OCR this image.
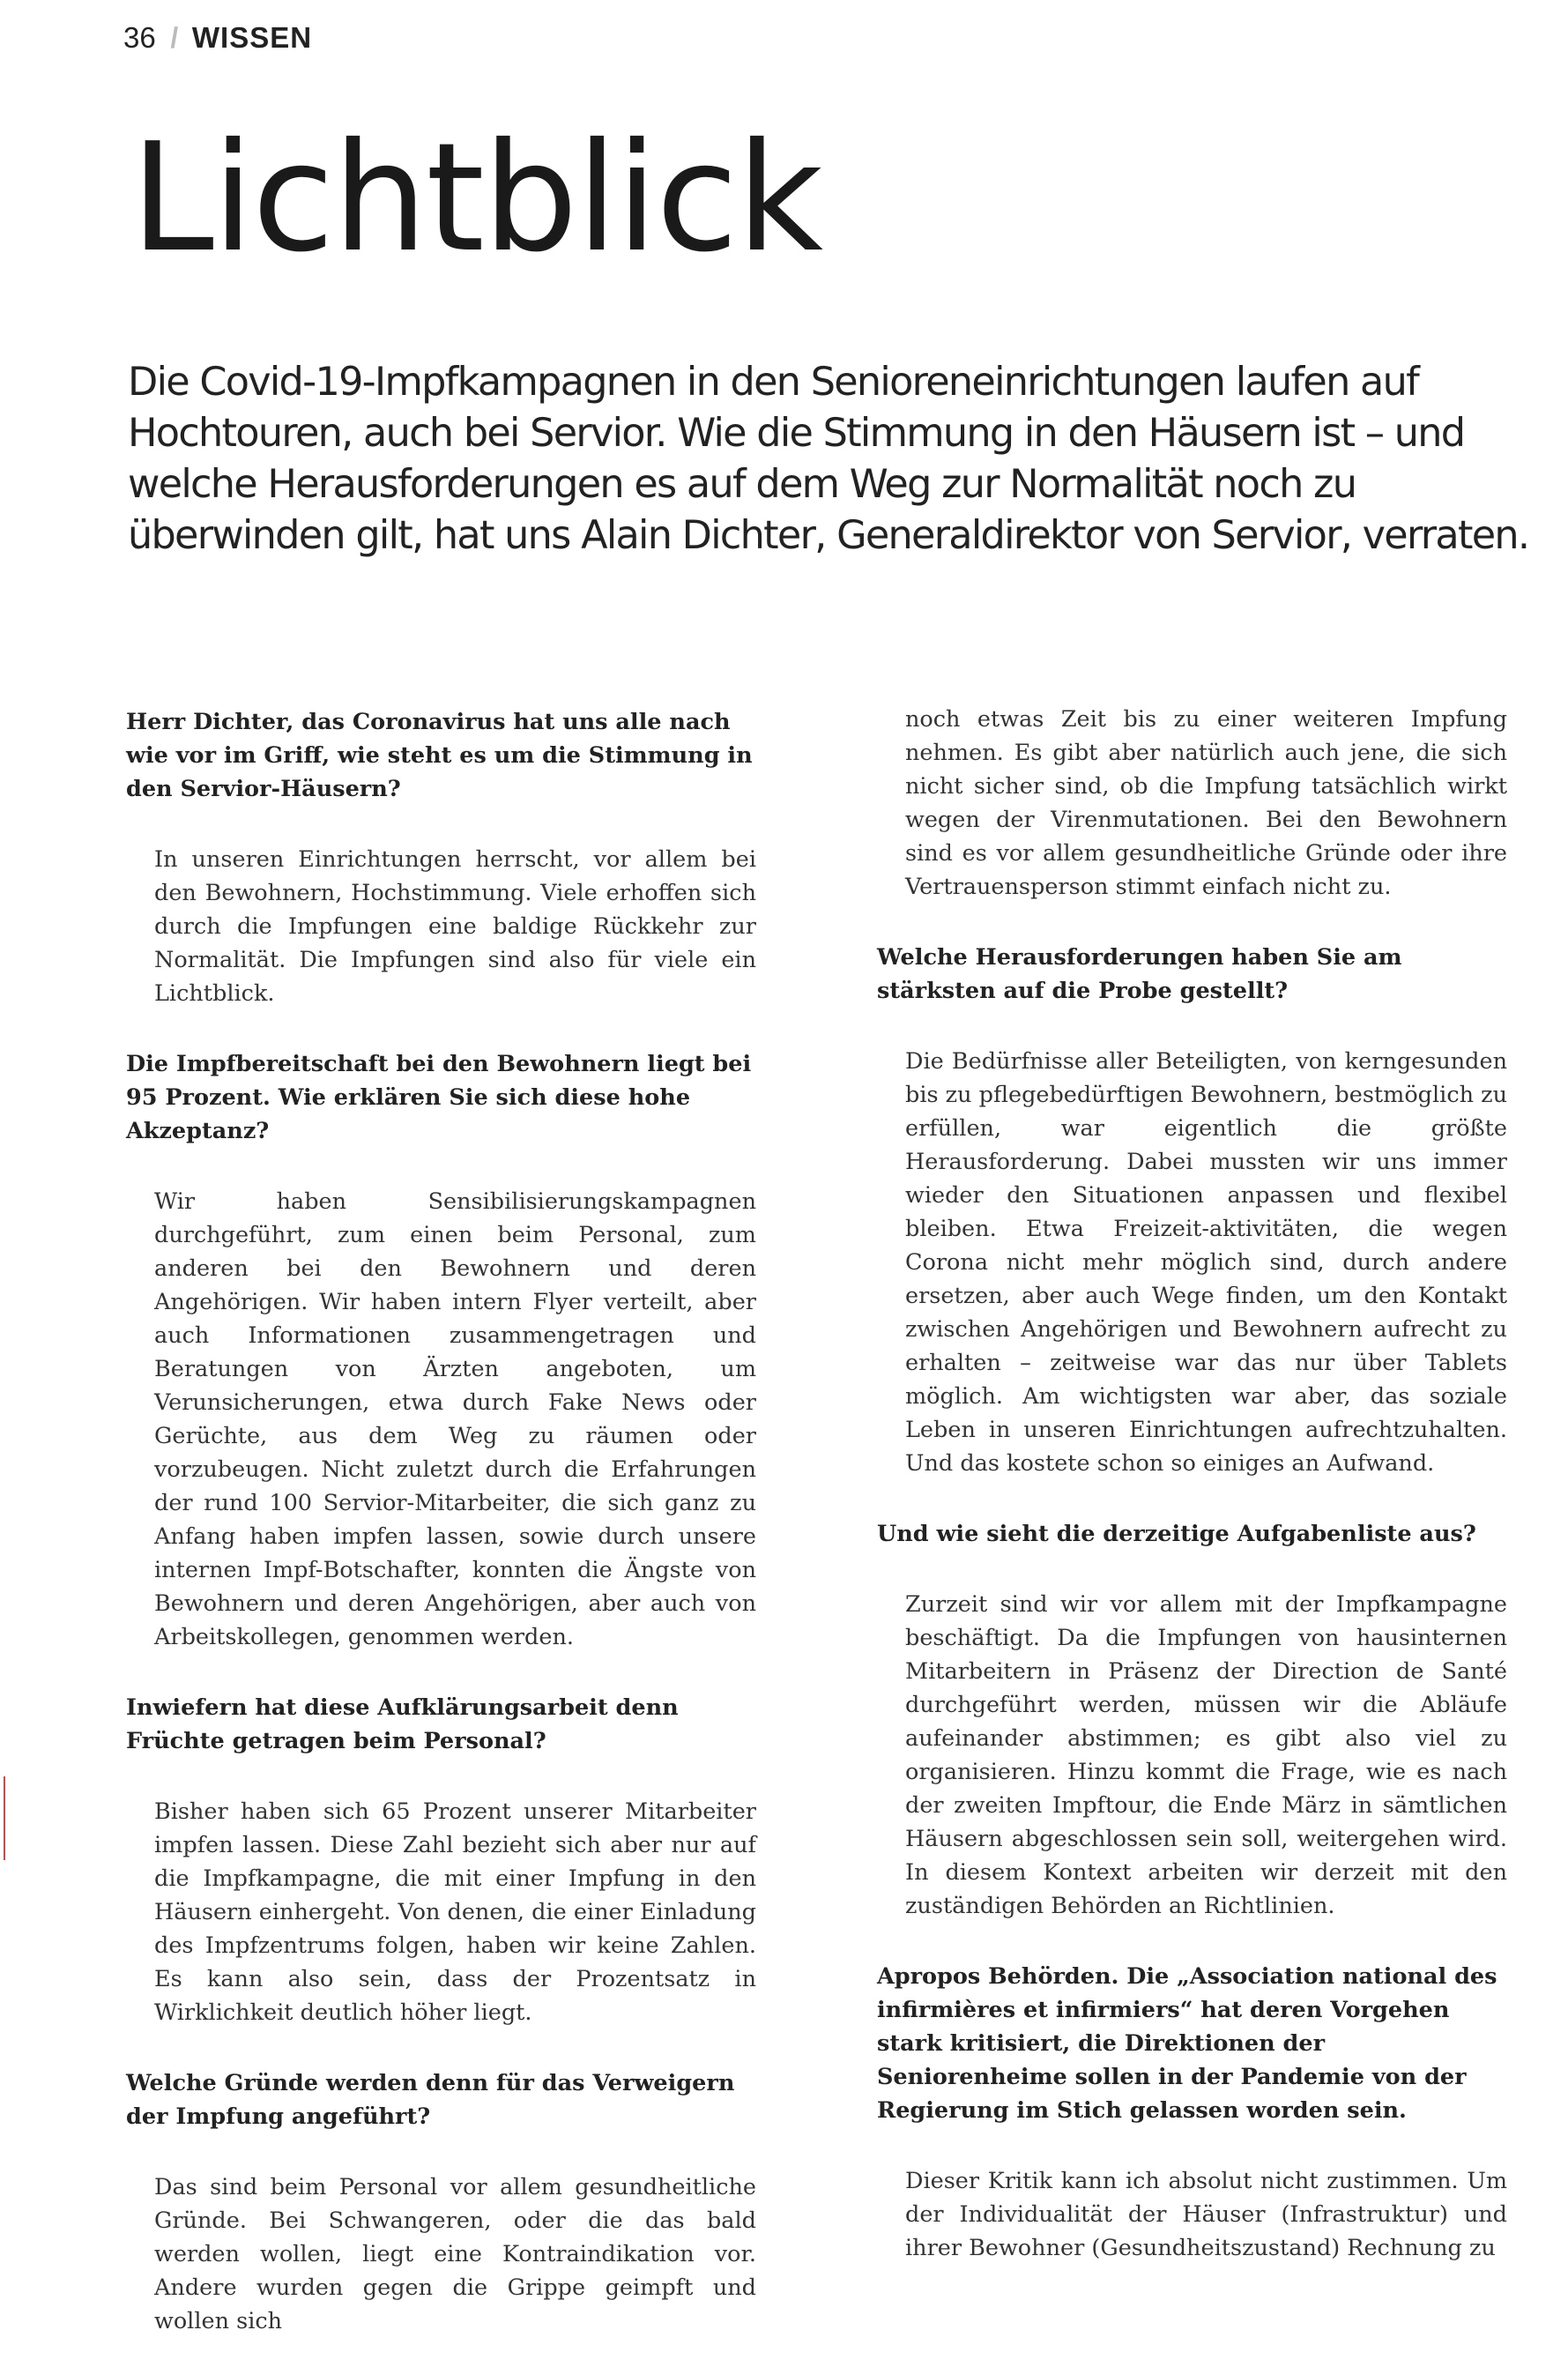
36 \ WISSEN
Lichtblick

Die Covid-19-Impfkampagnen in den Senioreneinrichtungen laufen auf Hochtouren, auch bei Servior. Wie die Stimmung in den Häusern ist – und welche Herausforderungen es auf dem Weg zur Normalität noch zu überwinden gilt, hat uns Alain Dichter, Generaldirektor von Servior, verraten.

Herr Dichter, das Coronavirus hat uns alle nach wie vor im Griff, wie steht es um die Stimmung in den Servior-Häusern?

In unseren Einrichtungen herrscht, vor allem bei den Bewohnern, Hochstimmung. Viele erhoffen sich durch die Impfungen eine baldige Rückkehr zur Normalität. Die Impfungen sind also für viele ein Lichtblick.

Die Impfbereitschaft bei den Bewohnern liegt bei 95 Prozent. Wie erklären Sie sich diese hohe Akzeptanz?

Wir haben Sensibilisierungskampagnen durchgeführt, zum einen beim Personal, zum anderen bei den Bewohnern und deren Angehörigen. Wir haben intern Flyer verteilt, aber auch Informationen zusammengetragen und Beratungen von Ärzten angeboten, um Verunsicherungen, etwa durch Fake News oder Gerüchte, aus dem Weg zu räumen oder vorzubeugen. Nicht zuletzt durch die Erfahrungen der rund 100 Servior-Mitarbeiter, die sich ganz zu Anfang haben impfen lassen, sowie durch unsere internen Impf-Botschafter, konnten die Ängste von Bewohnern und deren Angehörigen, aber auch von Arbeitskollegen, genommen werden.

Inwiefern hat diese Aufklärungsarbeit denn Früchte getragen beim Personal?

Bisher haben sich 65 Prozent unserer Mitarbeiter impfen lassen. Diese Zahl bezieht sich aber nur auf die Impfkampagne, die mit einer Impfung in den Häusern einhergeht. Von denen, die einer Einladung des Impfzentrums folgen, haben wir keine Zahlen. Es kann also sein, dass der Prozentsatz in Wirklichkeit deutlich höher liegt.

Welche Gründe werden denn für das Verweigern der Impfung angeführt?

Das sind beim Personal vor allem gesundheitliche Gründe. Bei Schwangeren, oder die das bald werden wollen, liegt eine Kontraindikation vor. Andere wurden gegen die Grippe geimpft und wollen sich

noch etwas Zeit bis zu einer weiteren Impfung nehmen. Es gibt aber natürlich auch jene, die sich nicht sicher sind, ob die Impfung tatsächlich wirkt wegen der Virenmutationen. Bei den Bewohnern sind es vor allem gesundheitliche Gründe oder ihre Vertrauensperson stimmt einfach nicht zu.

Welche Herausforderungen haben Sie am stärksten auf die Probe gestellt?

Die Bedürfnisse aller Beteiligten, von kerngesunden bis zu pflegebedürftigen Bewohnern, bestmöglich zu erfüllen, war eigentlich die größte Herausforderung. Dabei mussten wir uns immer wieder den Situationen anpassen und flexibel bleiben. Etwa Freizeit-aktivitäten, die wegen Corona nicht mehr möglich sind, durch andere ersetzen, aber auch Wege finden, um den Kontakt zwischen Angehörigen und Bewohnern aufrecht zu erhalten – zeitweise war das nur über Tablets möglich. Am wichtigsten war aber, das soziale Leben in unseren Einrichtungen aufrechtzuhalten. Und das kostete schon so einiges an Aufwand.

Und wie sieht die derzeitige Aufgabenliste aus?

Zurzeit sind wir vor allem mit der Impfkampagne beschäftigt. Da die Impfungen von hausinternen Mitarbeitern in Präsenz der Direction de Santé durchgeführt werden, müssen wir die Abläufe aufeinander abstimmen; es gibt also viel zu organisieren. Hinzu kommt die Frage, wie es nach der zweiten Impftour, die Ende März in sämtlichen Häusern abgeschlossen sein soll, weitergehen wird. In diesem Kontext arbeiten wir derzeit mit den zuständigen Behörden an Richtlinien.

Apropos Behörden. Die „Association national des infirmières et infirmiers“ hat deren Vorgehen stark kritisiert, die Direktionen der Seniorenheime sollen in der Pandemie von der Regierung im Stich gelassen worden sein.

Dieser Kritik kann ich absolut nicht zustimmen. Um der Individualität der Häuser (Infrastruktur) und ihrer Bewohner (Gesundheitszustand) Rechnung zu
